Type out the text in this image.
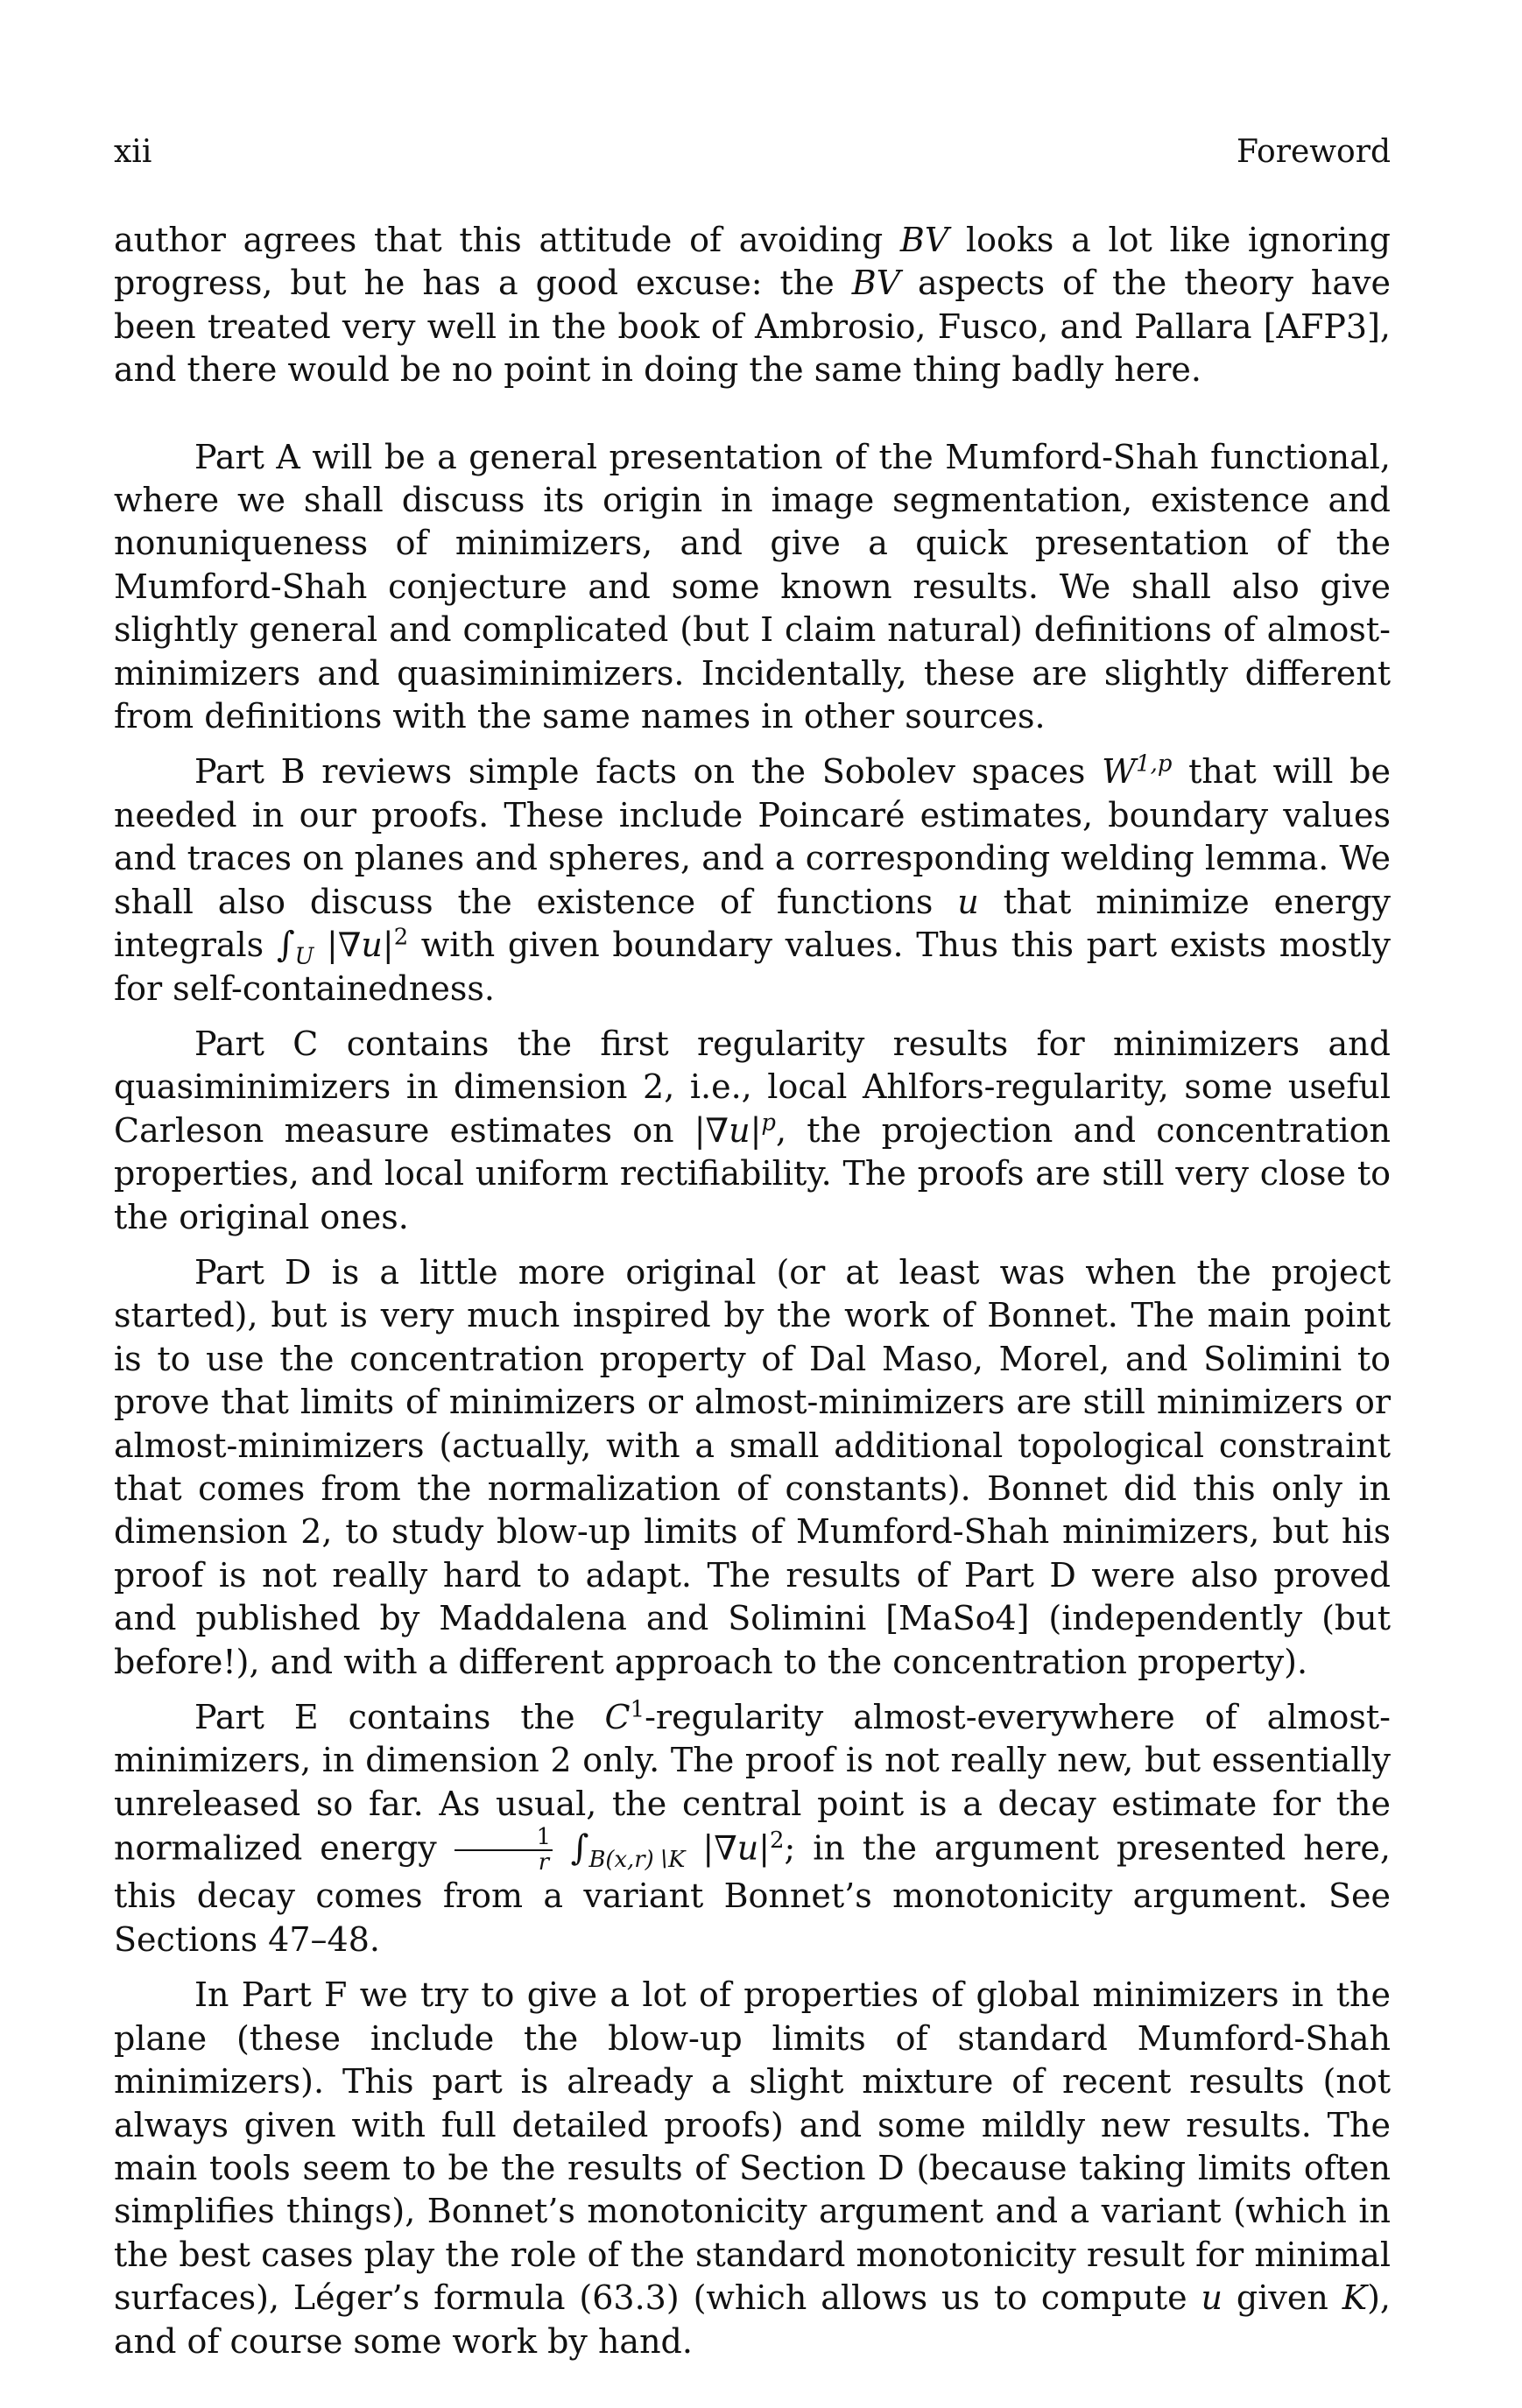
xii	Foreword

author agrees that this attitude of avoiding BV looks a lot like ignoring progress, but he has a good excuse: the BV aspects of the theory have been treated very well in the book of Ambrosio, Fusco, and Pallara [AFP3], and there would be no point in doing the same thing badly here.

Part A will be a general presentation of the Mumford-Shah functional, where we shall discuss its origin in image segmentation, existence and nonuniqueness of minimizers, and give a quick presentation of the Mumford-Shah conjecture and some known results. We shall also give slightly general and complicated (but I claim natural) definitions of almost-minimizers and quasiminimizers. Incidentally, these are slightly different from definitions with the same names in other sources.

Part B reviews simple facts on the Sobolev spaces W$^{1,p}$ that will be needed in our proofs. These include Poincaré estimates, boundary values and traces on planes and spheres, and a corresponding welding lemma. We shall also discuss the existence of functions u that minimize energy integrals $\int_U$ $|\nabla u|^2$ with given boundary values. Thus this part exists mostly for self-containedness.

Part C contains the first regularity results for minimizers and quasiminimizers in dimension 2, i.e., local Ahlfors-regularity, some useful Carleson measure estimates on $|\nabla u|^p$, the projection and concentration properties, and local uniform rectifiability. The proofs are still very close to the original ones.

Part D is a little more original (or at least was when the project started), but is very much inspired by the work of Bonnet. The main point is to use the concentration property of Dal Maso, Morel, and Solimini to prove that limits of minimizers or almost-minimizers are still minimizers or almost-minimizers (actually, with a small additional topological constraint that comes from the normalization of constants). Bonnet did this only in dimension 2, to study blow-up limits of Mumford-Shah minimizers, but his proof is not really hard to adapt. The results of Part D were also proved and published by Maddalena and Solimini [MaSo4] (independently (but before!), and with a different approach to the concentration property).

Part E contains the $C^1$-regularity almost-everywhere of almost-minimizers, in dimension 2 only. The proof is not really new, but essentially unreleased so far. As usual, the central point is a decay estimate for the normalized energy $\frac{1}{r} \int_{B(x,r)∖K}$ $|\nabla u|^2$; in the argument presented here, this decay comes from a variant Bonnet’s monotonicity argument. See Sections 47–48.

In Part F we try to give a lot of properties of global minimizers in the plane (these include the blow-up limits of standard Mumford-Shah minimizers). This part is already a slight mixture of recent results (not always given with full detailed proofs) and some mildly new results. The main tools seem to be the results of Section D (because taking limits often simplifies things), Bonnet’s monotonicity argument and a variant (which in the best cases play the role of the standard monotonicity result for minimal surfaces), Léger’s formula (63.3) (which allows us to compute u given K), and of course some work by hand.
